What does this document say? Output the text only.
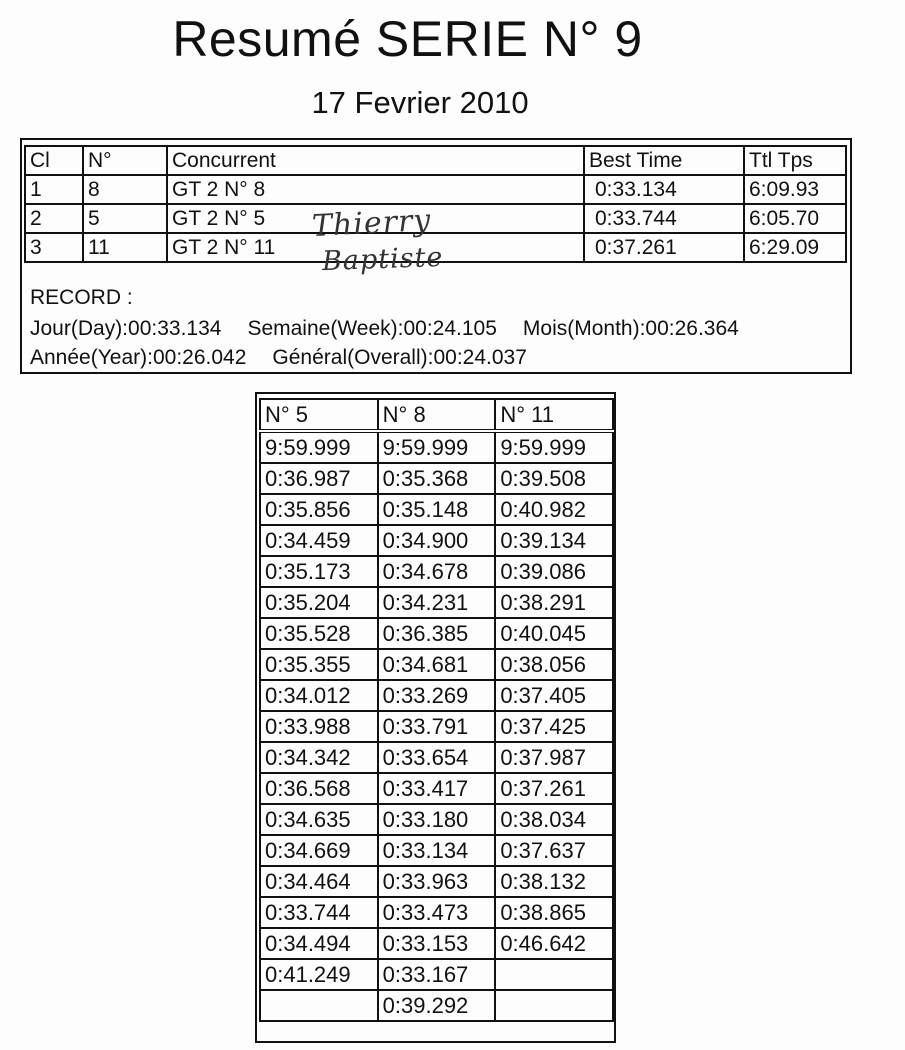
Resumé SERIE N° 9
17 Fevrier 2010
Cl	N°	Concurrent	Best Time	Ttl Tps
1	8	GT 2 N° 8	0:33.134	6:09.93
2	5	GT 2 N° 5	0:33.744	6:05.70
3	11	GT 2 N° 11	0:37.261	6:29.09
Thierry
Baptiste
RECORD :
Jour(Day):00:33.134 Semaine(Week):00:24.105 Mois(Month):00:26.364
Année(Year):00:26.042 Général(Overall):00:24.037
N° 5	N° 8	N° 11
9:59.999	9:59.999	9:59.999
0:36.987	0:35.368	0:39.508
0:35.856	0:35.148	0:40.982
0:34.459	0:34.900	0:39.134
0:35.173	0:34.678	0:39.086
0:35.204	0:34.231	0:38.291
0:35.528	0:36.385	0:40.045
0:35.355	0:34.681	0:38.056
0:34.012	0:33.269	0:37.405
0:33.988	0:33.791	0:37.425
0:34.342	0:33.654	0:37.987
0:36.568	0:33.417	0:37.261
0:34.635	0:33.180	0:38.034
0:34.669	0:33.134	0:37.637
0:34.464	0:33.963	0:38.132
0:33.744	0:33.473	0:38.865
0:34.494	0:33.153	0:46.642
0:41.249	0:33.167	
	0:39.292	
